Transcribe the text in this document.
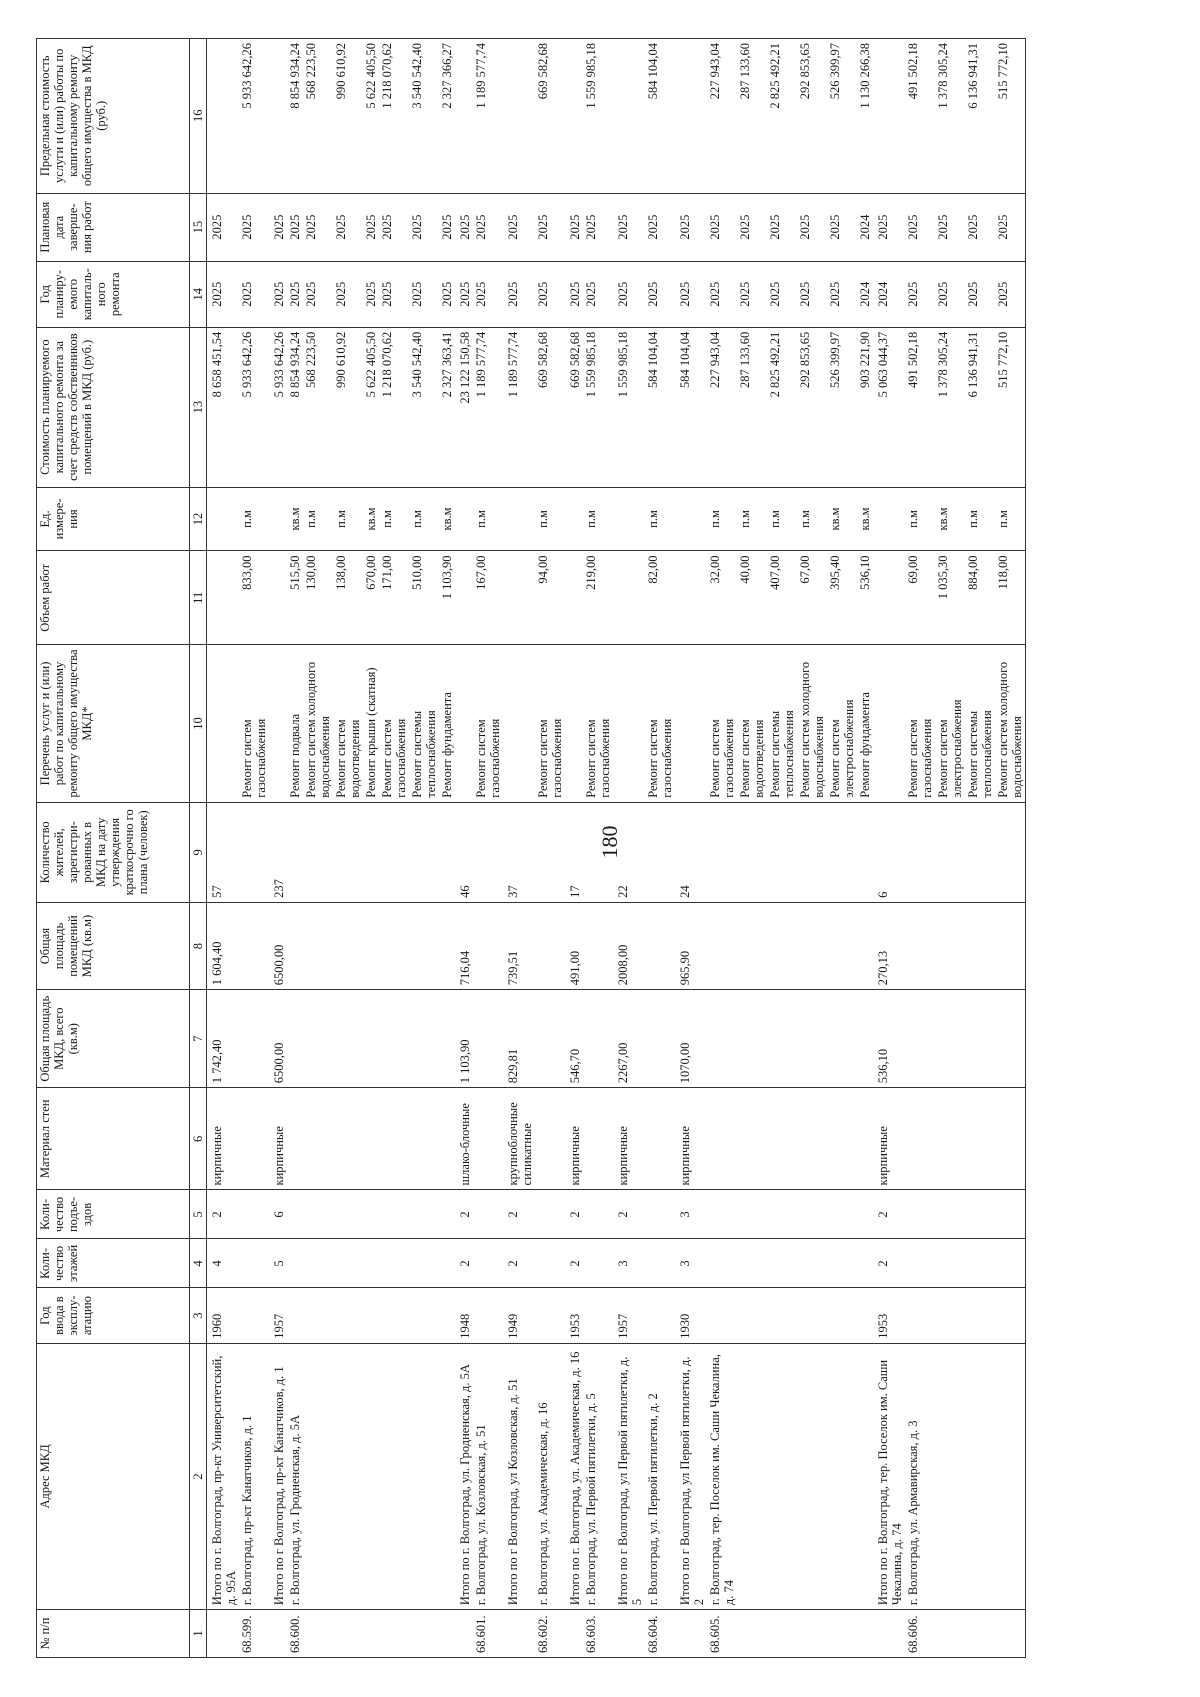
180
№ п/п	Адрес МКД	Год ввода в эксплу-атацию	Коли-чество этажей	Коли-чество подъе-здов	Материал стен	Общая площадь МКД, всего (кв.м)	Общая площадь помещений МКД (кв.м)	Количество жителей, зарегистри-рованных в МКД на дату утверждения краткосрочно го плана (человек)	Перечень услуг и (или) работ по капитальному ремонту общего имущества МКД*	Объем работ	Ед. измере-ния	Стоимость планируемого капитального ремонта за счет средств собственников помещений в МКД (руб.)	Год планиру-емого капиталь-ного ремонта	Плановая дата заверше-ния работ	Предельная стоимость услуги и (или) работы по капитальному ремонту общего имущества в МКД (руб.)
1	2	3	4	5	6	7	8	9	10	11	12	13	14	15	16
	Итого по г. Волгоград, пр-кт Университетский, д. 95А	1960	4	2	кирпичные	1 742,40	1 604,40	57				8 658 451,54	2025	2025	
68.599.	г. Волгоград, пр-кт Канатчиков, д. 1								Ремонт систем газоснабжения	833,00	п.м	5 933 642,26	2025	2025	5 933 642,26
	Итого по г Волгоград, пр-кт Канатчиков, д. 1	1957	5	6	кирпичные	6500,00	6500,00	237				5 933 642,26	2025	2025	
68.600.	г. Волгоград, ул. Гродненская, д. 5А								Ремонт подвала	515,50	кв.м	8 854 934,24	2025	2025	8 854 934,24
									Ремонт систем холодного водоснабжения	130,00	п.м	568 223,50	2025	2025	568 223,50
									Ремонт систем водоотведения	138,00	п.м	990 610,92	2025	2025	990 610,92
									Ремонт крыши (скатная)	670,00	кв.м	5 622 405,50	2025	2025	5 622 405,50
									Ремонт систем газоснабжения	171,00	п.м	1 218 070,62	2025	2025	1 218 070,62
									Ремонт системы теплоснабжения	510,00	п.м	3 540 542,40	2025	2025	3 540 542,40
									Ремонт фундамента	1 103,90	кв.м	2 327 363,41	2025	2025	2 327 366,27
	Итого по г. Волгоград, ул. Гродненская, д. 5А	1948	2	2	шлако-блочные	1 103,90	716,04	46				23 122 150,58	2025	2025	
68.601.	г. Волгоград, ул. Козловская, д. 51								Ремонт систем газоснабжения	167,00	п.м	1 189 577,74	2025	2025	1 189 577,74
	Итого по г Волгоград, ул Козловская, д. 51	1949	2	2	крупноблочные силикатные	829,81	739,51	37				1 189 577,74	2025	2025	
68.602.	г. Волгоград, ул. Академическая, д. 16								Ремонт систем газоснабжения	94,00	п.м	669 582,68	2025	2025	669 582,68
	Итого по г. Волгоград, ул. Академическая, д. 16	1953	2	2	кирпичные	546,70	491,00	17				669 582,68	2025	2025	
68.603.	г. Волгоград, ул. Первой пятилетки, д. 5								Ремонт систем газоснабжения	219,00	п.м	1 559 985,18	2025	2025	1 559 985,18
	Итого по г Волгоград, ул Первой пятилетки, д. 5	1957	3	2	кирпичные	2267,00	2008,00	22				1 559 985,18	2025	2025	
68.604.	г. Волгоград, ул. Первой пятилетки, д. 2								Ремонт систем газоснабжения	82,00	п.м	584 104,04	2025	2025	584 104,04
	Итого по г Волгоград, ул Первой пятилетки, д. 2	1930	3	3	кирпичные	1070,00	965,90	24				584 104,04	2025	2025	
68.605.	г. Волгоград, тер. Поселок им. Саши Чекалина, д. 74								Ремонт систем газоснабжения	32,00	п.м	227 943,04	2025	2025	227 943,04
									Ремонт систем водоотведения	40,00	п.м	287 133,60	2025	2025	287 133,60
									Ремонт системы теплоснабжения	407,00	п.м	2 825 492,21	2025	2025	2 825 492,21
									Ремонт систем холодного водоснабжения	67,00	п.м	292 853,65	2025	2025	292 853,65
									Ремонт систем электроснабжения	395,40	кв.м	526 399,97	2025	2025	526 399,97
									Ремонт фундамента	536,10	кв.м	903 221,90	2024	2024	1 130 266,38
	Итого по г. Волгоград, тер. Поселок им. Саши Чекалина, д. 74	1953	2	2	кирпичные	536,10	270,13	6				5 063 044,37	2024	2025	
68.606.	г. Волгоград, ул. Армавирская, д. 3								Ремонт систем газоснабжения	69,00	п.м	491 502,18	2025	2025	491 502,18
									Ремонт систем электроснабжения	1 035,30	кв.м	1 378 305,24	2025	2025	1 378 305,24
									Ремонт системы теплоснабжения	884,00	п.м	6 136 941,31	2025	2025	6 136 941,31
									Ремонт систем холодного водоснабжения	118,00	п.м	515 772,10	2025	2025	515 772,10
